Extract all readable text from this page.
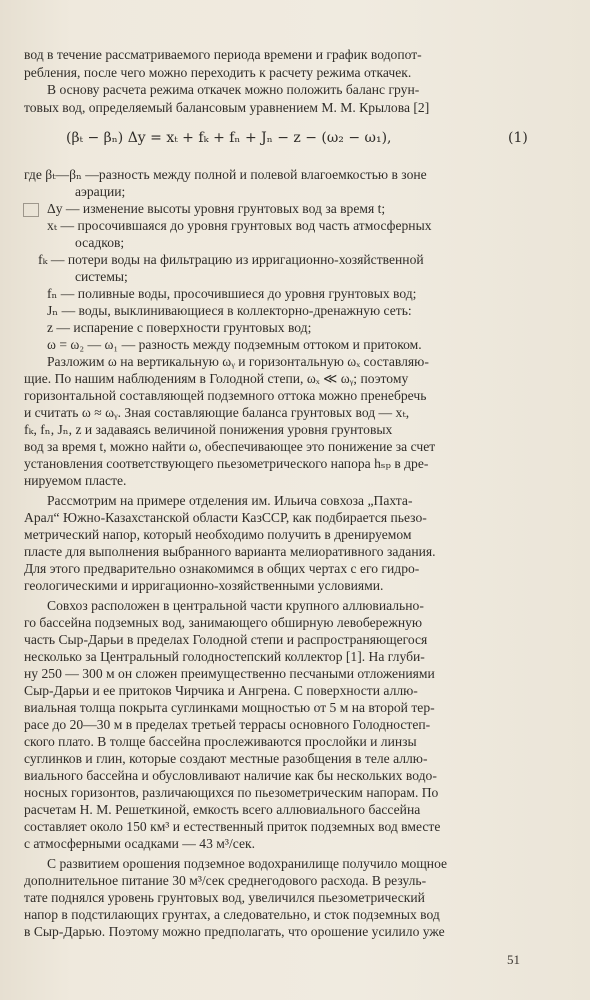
вод в течение рассматриваемого периода времени и график водопот-
ребления, после чего можно переходить к расчету режима откачек.
В основу расчета режима откачек можно положить баланс грун-
товых вод, определяемый балансовым уравнением М. М. Крылова [2]
(βₜ − βₙ) Δy = xₜ + fₖ + fₙ + Jₙ − z − (ω₂ − ω₁),	(1)
где βₜ—βₙ —разность между полной и полевой влагоемкостью в зоне
аэрации;
Δy — изменение высоты уровня грунтовых вод за время t;
xₜ — просочившаяся до уровня грунтовых вод часть атмосферных
осадков;
fₖ — потери воды на фильтрацию из ирригационно-хозяйственной
системы;
fₙ — поливные воды, просочившиеся до уровня грунтовых вод;
Jₙ — воды, выклинивающиеся в коллекторно-дренажную сеть:
z — испарение с поверхности грунтовых вод;
ω = ω₂ — ω₁ — разность между подземным оттоком и притоком.
Разложим ω на вертикальную ωᵧ и горизонтальную ωₓ составляю-
щие. По нашим наблюдениям в Голодной степи, ωₓ ≪ ωᵧ; поэтому
горизонтальной составляющей подземного оттока можно пренебречь
и считать ω ≈ ωᵧ. Зная составляющие баланса грунтовых вод — xₜ,
fₖ, fₙ, Jₙ, z и задаваясь величиной понижения уровня грунтовых
вод за время t, можно найти ω, обеспечивающее это понижение за счет
установления соответствующего пьезометрического напора hₛₚ в дре-
нируемом пласте.
Рассмотрим на примере отделения им. Ильича совхоза „Пахта-
Арал“ Южно-Казахстанской области КазССР, как подбирается пьезо-
метрический напор, который необходимо получить в дренируемом
пласте для выполнения выбранного варианта мелиоративного задания.
Для этого предварительно ознакомимся в общих чертах с его гидро-
геологическими и ирригационно-хозяйственными условиями.
Совхоз расположен в центральной части крупного аллювиально-
го бассейна подземных вод, занимающего обширную левобережную
часть Сыр-Дарьи в пределах Голодной степи и распространяющегося
несколько за Центральный голодностепский коллектор [1]. На глуби-
ну 250 — 300 м он сложен преимущественно песчаными отложениями
Сыр-Дарьи и ее притоков Чирчика и Ангрена. С поверхности аллю-
виальная толща покрыта суглинками мощностью от 5 м на второй тер-
расе до 20—30 м в пределах третьей террасы основного Голодностеп-
ского плато. В толще бассейна прослеживаются прослойки и линзы
суглинков и глин, которые создают местные разобщения в теле аллю-
виального бассейна и обусловливают наличие как бы нескольких водо-
носных горизонтов, различающихся по пьезометрическим напорам. По
расчетам Н. М. Решеткиной, емкость всего аллювиального бассейна
составляет около 150 км³ и естественный приток подземных вод вместе
с атмосферными осадками — 43 м³/сек.
С развитием орошения подземное водохранилище получило мощное
дополнительное питание 30 м³/сек среднегодового расхода. В резуль-
тате поднялся уровень грунтовых вод, увеличился пьезометрический
напор в подстилающих грунтах, а следовательно, и сток подземных вод
в Сыр-Дарью. Поэтому можно предполагать, что орошение усилило уже
51
